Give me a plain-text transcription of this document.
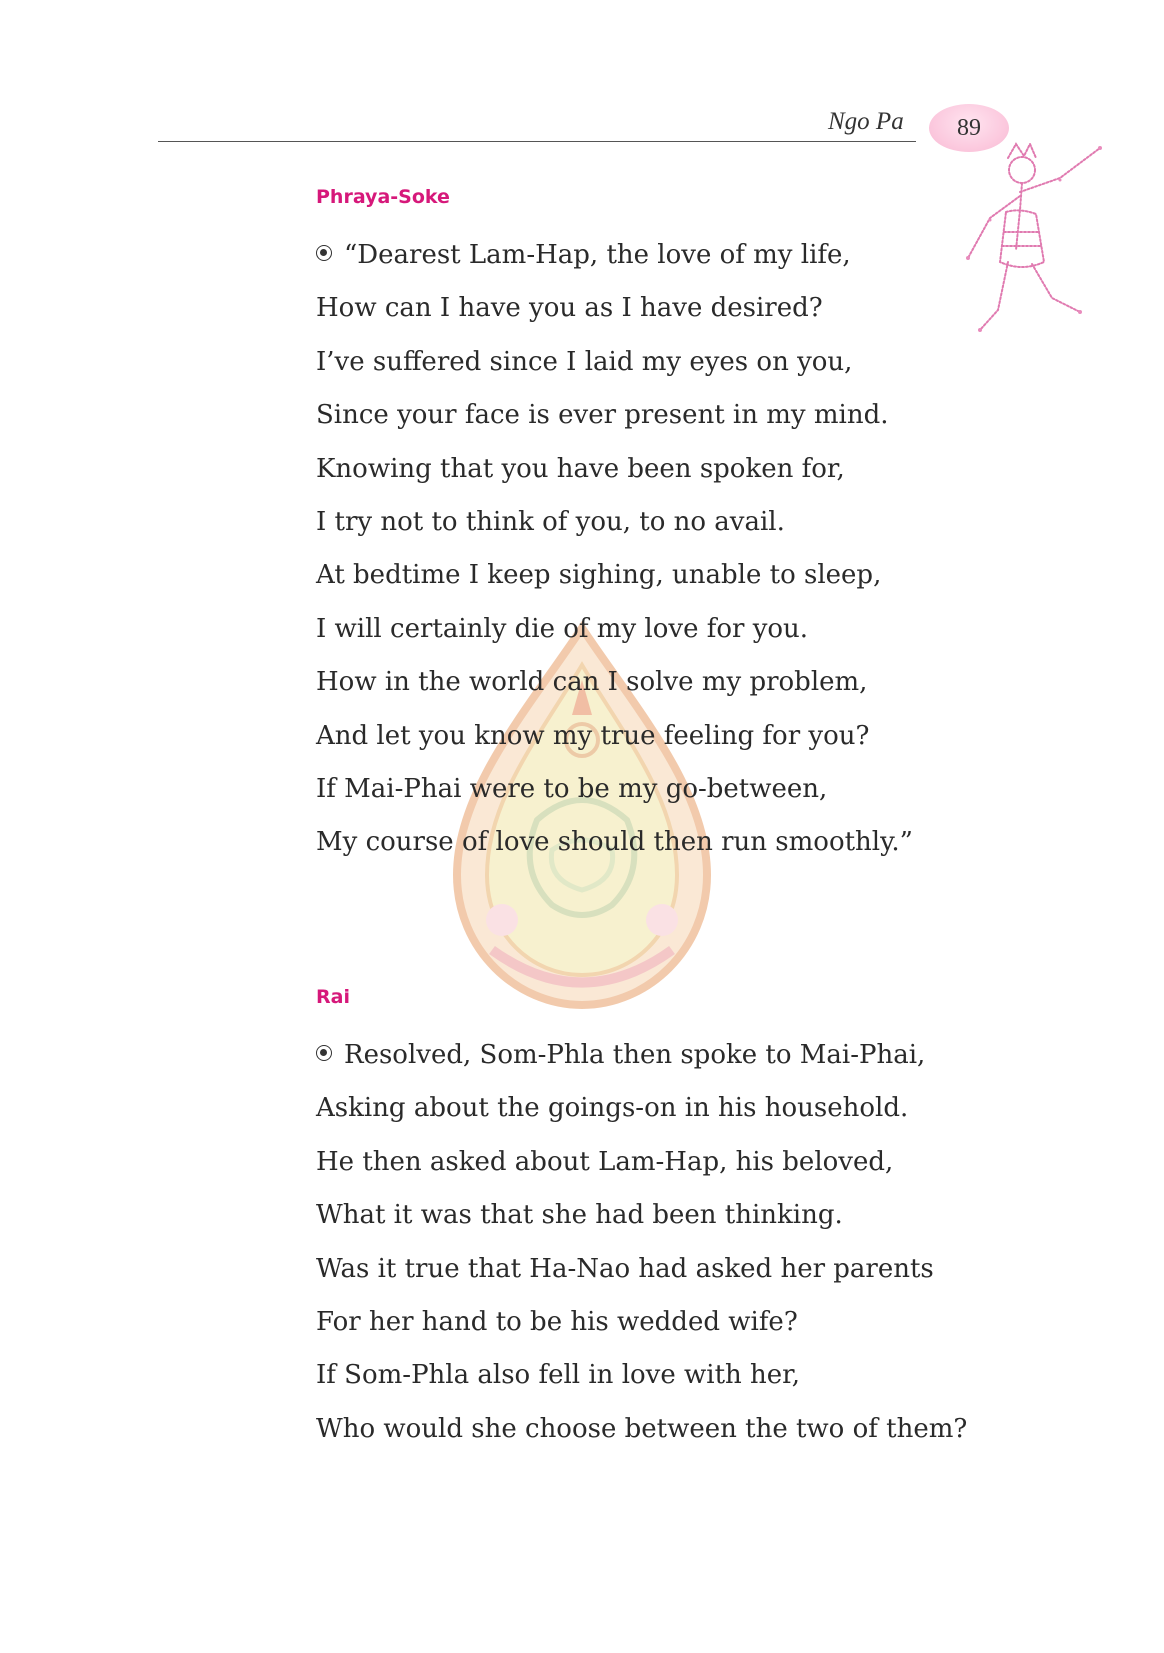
Ngo Pa	89
Phraya-Soke
“Dearest Lam-Hap, the love of my life,
How can I have you as I have desired?
I’ve suffered since I laid my eyes on you,
Since your face is ever present in my mind.
Knowing that you have been spoken for,
I try not to think of you, to no avail.
At bedtime I keep sighing, unable to sleep,
I will certainly die of my love for you.
How in the world can I solve my problem,
And let you know my true feeling for you?
If Mai-Phai were to be my go-between,
My course of love should then run smoothly.”
Rai
Resolved, Som-Phla then spoke to Mai-Phai,
Asking about the goings-on in his household.
He then asked about Lam-Hap, his beloved,
What it was that she had been thinking.
Was it true that Ha-Nao had asked her parents
For her hand to be his wedded wife?
If Som-Phla also fell in love with her,
Who would she choose between the two of them?
